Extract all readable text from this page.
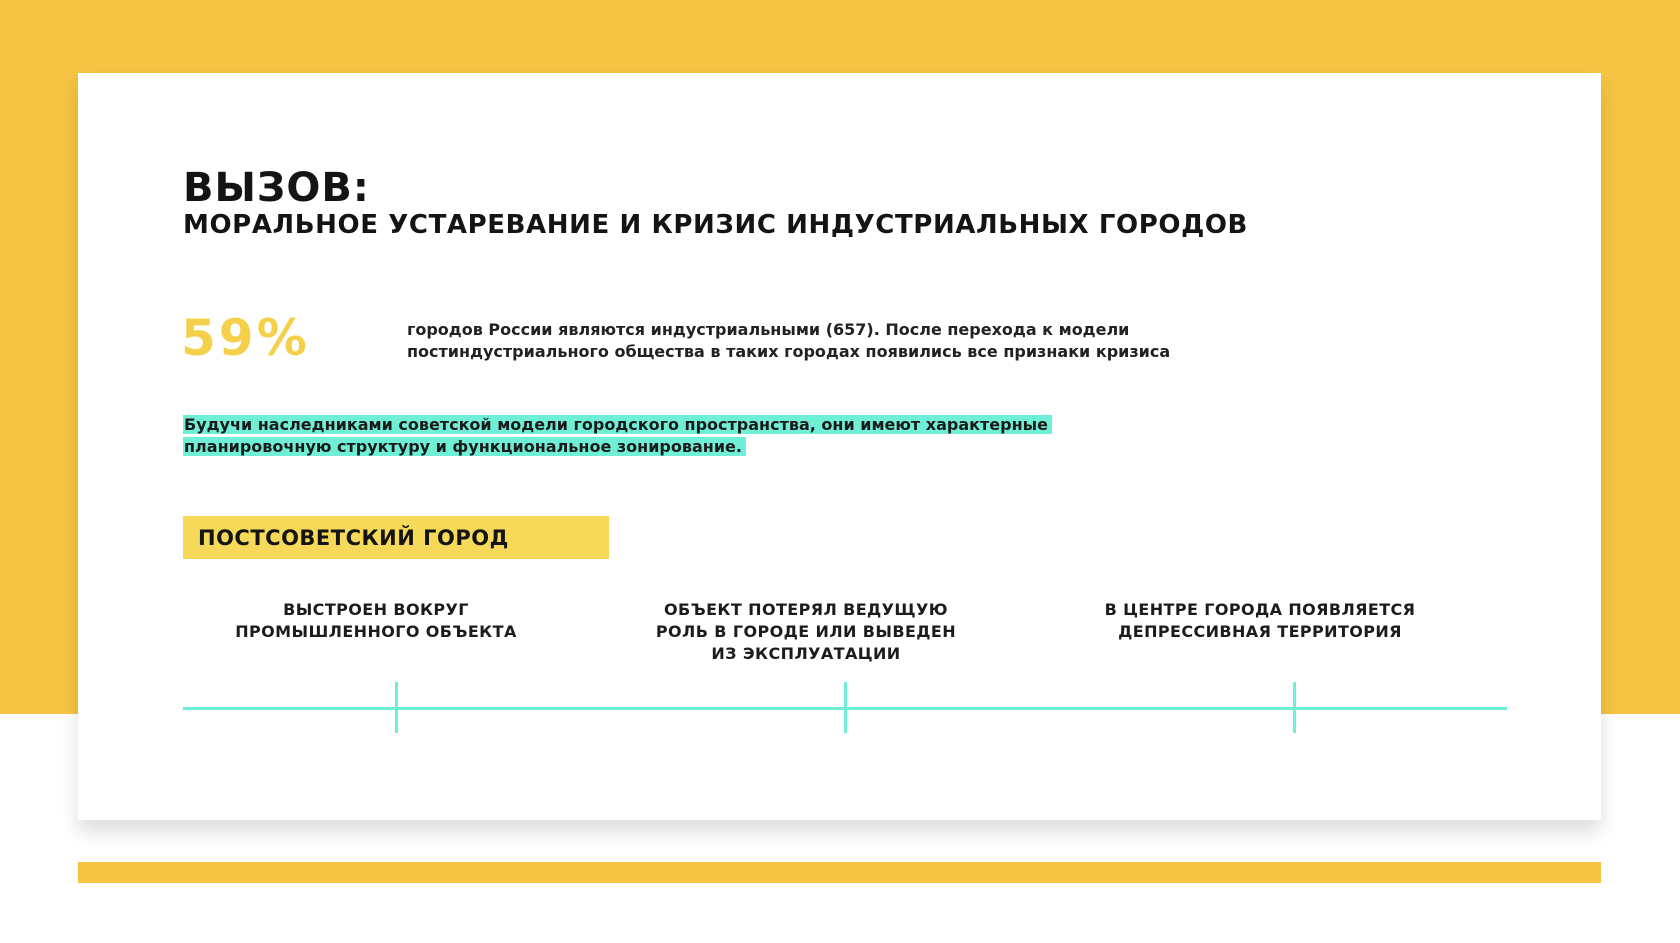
ВЫЗОВ:
МОРАЛЬНОЕ УСТАРЕВАНИЕ И КРИЗИС ИНДУСТРИАЛЬНЫХ ГОРОДОВ
59%	городов России являются индустриальными (657). После перехода к модели постиндустриального общества в таких городах появились все признаки кризиса
Будучи наследниками советской модели городского пространства, они имеют характерные планировочную структуру и функциональное зонирование.
ПОСТСОВЕТСКИЙ ГОРОД
ВЫСТРОЕН ВОКРУГ ПРОМЫШЛЕННОГО ОБЪЕКТА
ОБЪЕКТ ПОТЕРЯЛ ВЕДУЩУЮ РОЛЬ В ГОРОДЕ ИЛИ ВЫВЕДЕН ИЗ ЭКСПЛУАТАЦИИ
В ЦЕНТРЕ ГОРОДА ПОЯВЛЯЕТСЯ ДЕПРЕССИВНАЯ ТЕРРИТОРИЯ
